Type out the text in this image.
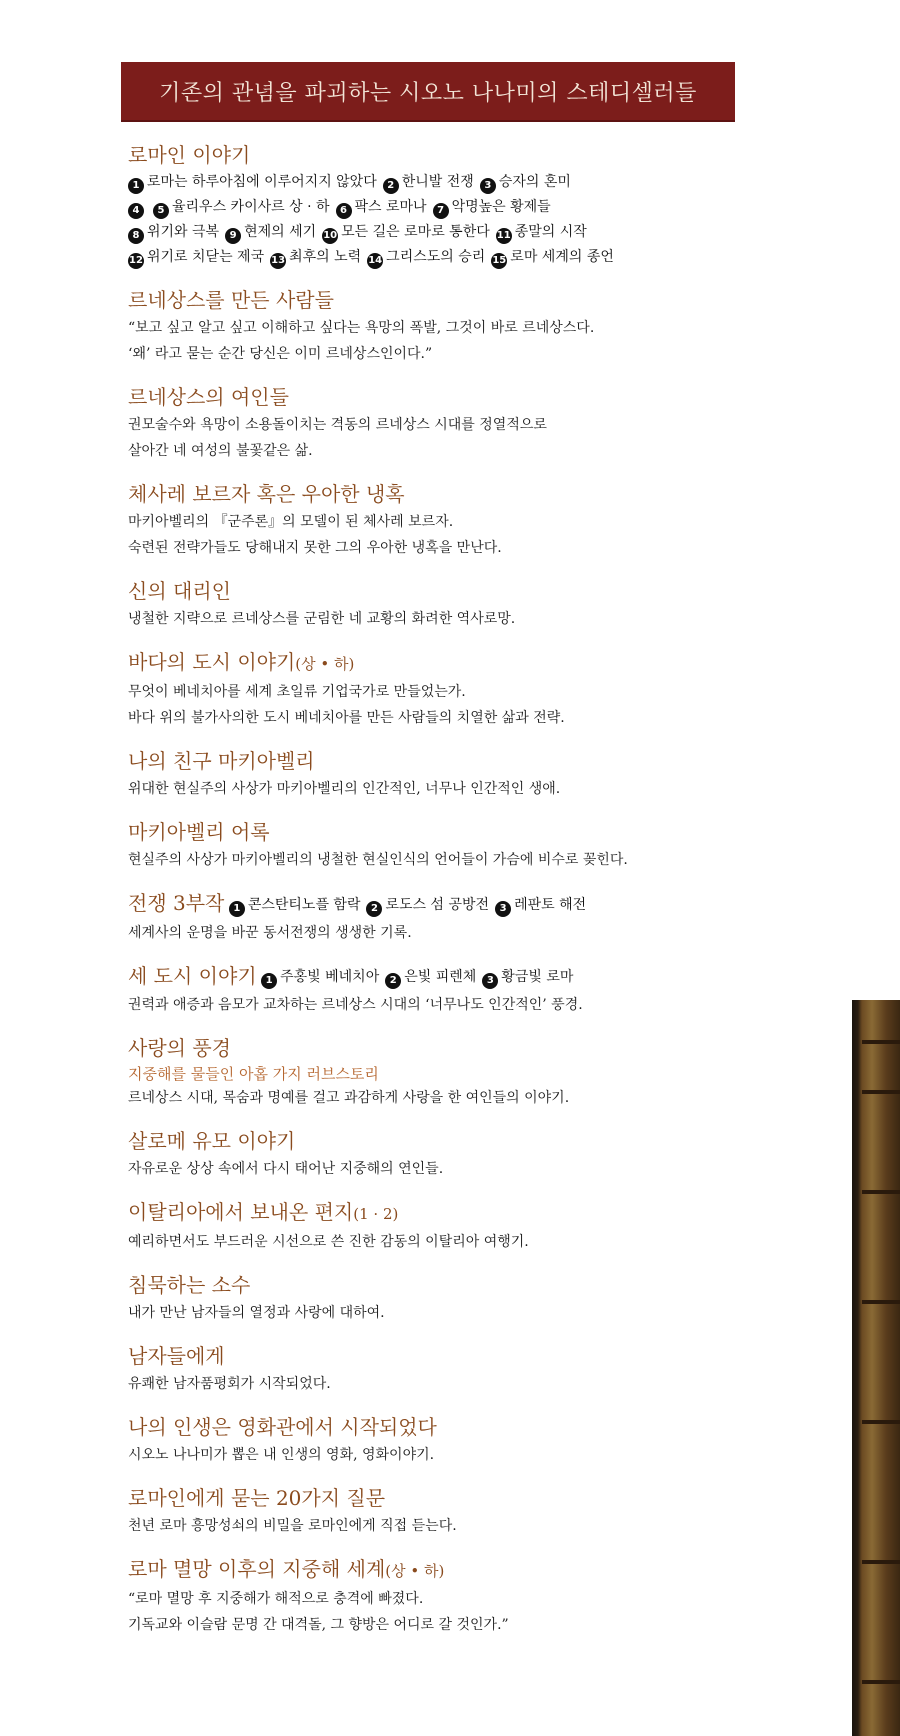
기존의 관념을 파괴하는 시오노 나나미의 스테디셀러들
로마인 이야기
1 로마는 하루아침에 이루어지지 않았다 2 한니발 전쟁 3 승자의 혼미
4 5 율리우스 카이사르 상 · 하 6 팍스 로마나 7 악명높은 황제들
8 위기와 극복 9 현제의 세기 10 모든 길은 로마로 통한다 11 종말의 시작
12 위기로 치닫는 제국 13 최후의 노력 14 그리스도의 승리 15 로마 세계의 종언
르네상스를 만든 사람들
“보고 싶고 알고 싶고 이해하고 싶다는 욕망의 폭발, 그것이 바로 르네상스다.
‘왜’ 라고 묻는 순간 당신은 이미 르네상스인이다.”
르네상스의 여인들
권모술수와 욕망이 소용돌이치는 격동의 르네상스 시대를 정열적으로
살아간 네 여성의 불꽃같은 삶.
체사레 보르자 혹은 우아한 냉혹
마키아벨리의 『군주론』의 모델이 된 체사레 보르자.
숙련된 전략가들도 당해내지 못한 그의 우아한 냉혹을 만난다.
신의 대리인
냉철한 지략으로 르네상스를 군림한 네 교황의 화려한 역사로망.
바다의 도시 이야기(상 • 하)
무엇이 베네치아를 세계 초일류 기업국가로 만들었는가.
바다 위의 불가사의한 도시 베네치아를 만든 사람들의 치열한 삶과 전략.
나의 친구 마키아벨리
위대한 현실주의 사상가 마키아벨리의 인간적인, 너무나 인간적인 생애.
마키아벨리 어록
현실주의 사상가 마키아벨리의 냉철한 현실인식의 언어들이 가슴에 비수로 꽂힌다.
전쟁 3부작 1 콘스탄티노플 함락 2 로도스 섬 공방전 3 레판토 해전
세계사의 운명을 바꾼 동서전쟁의 생생한 기록.
세 도시 이야기 1 주홍빛 베네치아 2 은빛 피렌체 3 황금빛 로마
권력과 애증과 음모가 교차하는 르네상스 시대의 ‘너무나도 인간적인’ 풍경.
사랑의 풍경
지중해를 물들인 아홉 가지 러브스토리
르네상스 시대, 목숨과 명예를 걸고 과감하게 사랑을 한 여인들의 이야기.
살로메 유모 이야기
자유로운 상상 속에서 다시 태어난 지중해의 연인들.
이탈리아에서 보내온 편지(1 · 2)
예리하면서도 부드러운 시선으로 쓴 진한 감동의 이탈리아 여행기.
침묵하는 소수
내가 만난 남자들의 열정과 사랑에 대하여.
남자들에게
유쾌한 남자품평회가 시작되었다.
나의 인생은 영화관에서 시작되었다
시오노 나나미가 뽑은 내 인생의 영화, 영화이야기.
로마인에게 묻는 20가지 질문
천년 로마 흥망성쇠의 비밀을 로마인에게 직접 듣는다.
로마 멸망 이후의 지중해 세계(상 • 하)
“로마 멸망 후 지중해가 해적으로 충격에 빠졌다.
기독교와 이슬람 문명 간 대격돌, 그 향방은 어디로 갈 것인가.”
